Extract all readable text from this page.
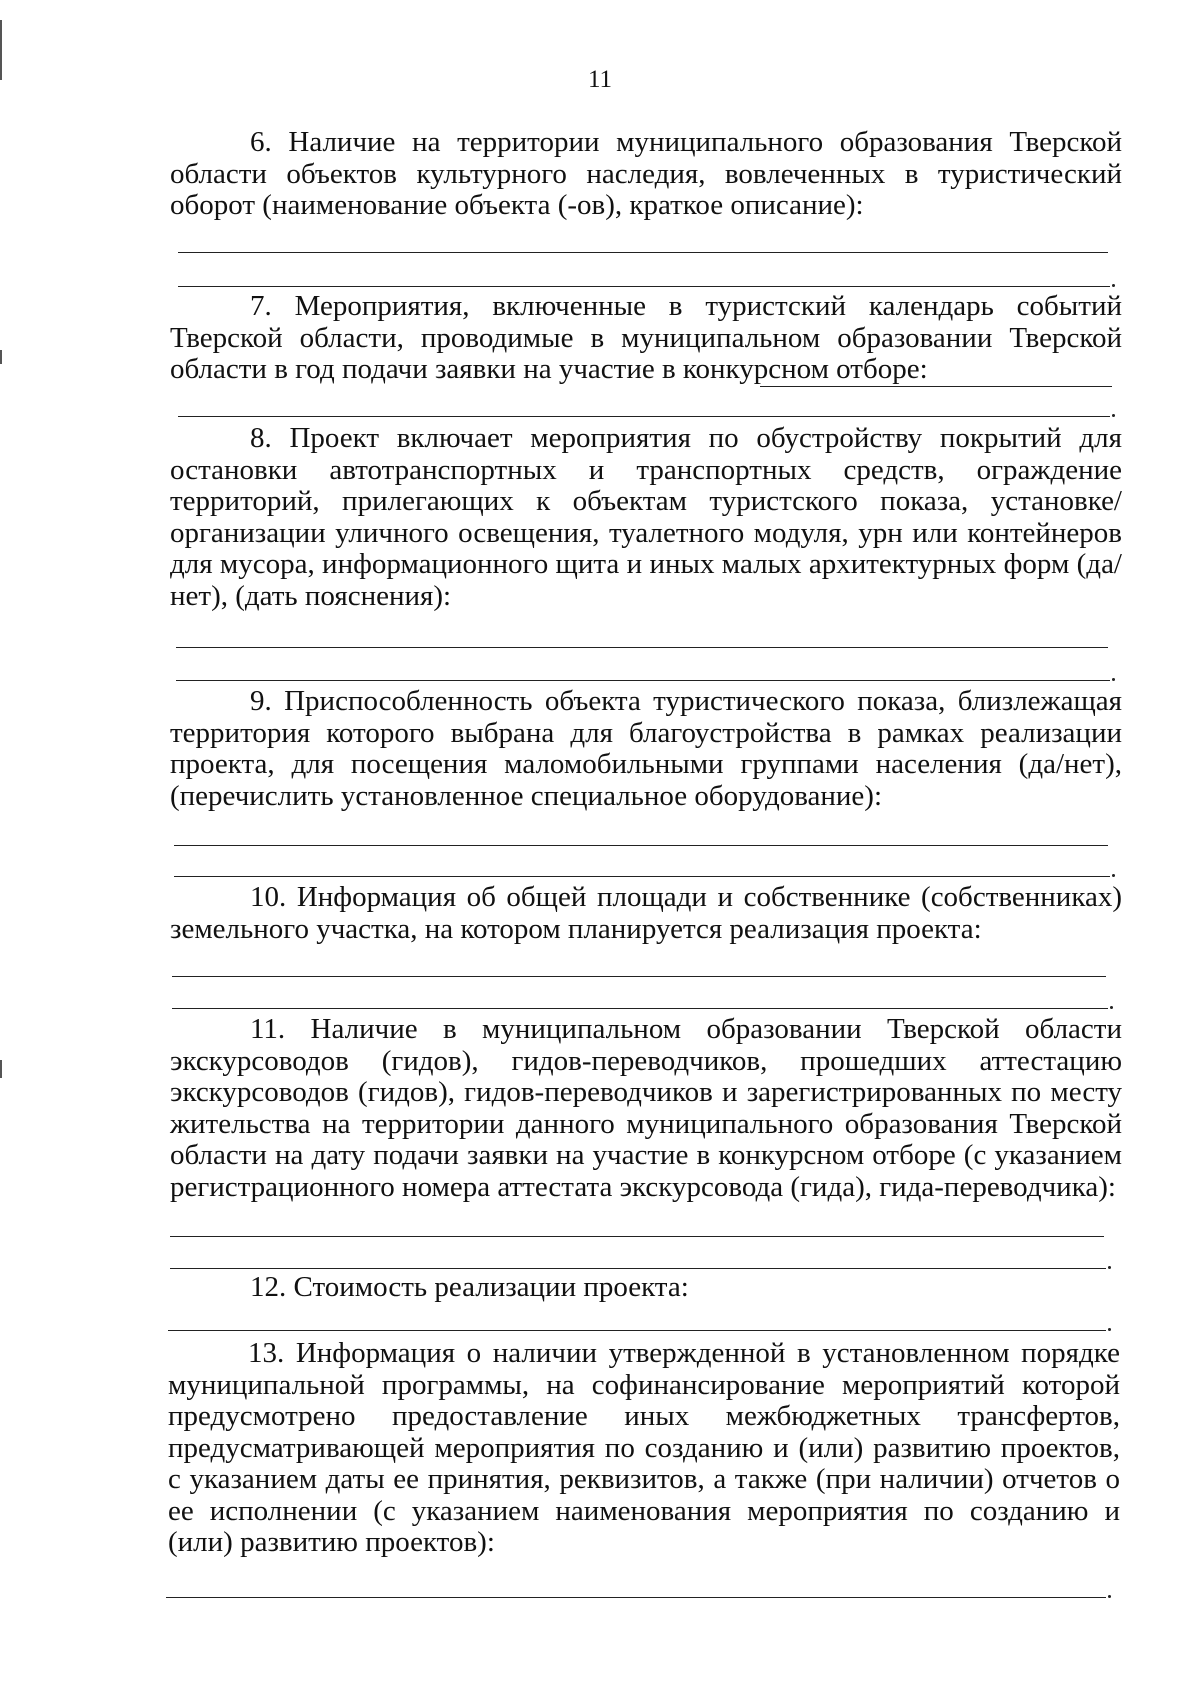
11
6. Наличие на территории муниципального образования Тверской области объектов культурного наследия, вовлеченных в туристический оборот (наименование объекта (-ов), краткое описание):
7. Мероприятия, включенные в туристский календарь событий Тверской области, проводимые в муниципальном образовании Тверской области в год подачи заявки на участие в конкурсном отборе:
8. Проект включает мероприятия по обустройству покрытий для остановки автотранспортных и транспортных средств, ограждение территорий, прилегающих к объектам туристского показа, установке/организации уличного освещения, туалетного модуля, урн или контейнеров для мусора, информационного щита и иных малых архитектурных форм (да/нет), (дать пояснения):
9. Приспособленность объекта туристического показа, близлежащая территория которого выбрана для благоустройства в рамках реализации проекта, для посещения маломобильными группами населения (да/нет), (перечислить установленное специальное оборудование):
10. Информация об общей площади и собственнике (собственниках) земельного участка, на котором планируется реализация проекта:
11. Наличие в муниципальном образовании Тверской области экскурсоводов (гидов), гидов-переводчиков, прошедших аттестацию экскурсоводов (гидов), гидов-переводчиков и зарегистрированных по месту жительства на территории данного муниципального образования Тверской области на дату подачи заявки на участие в конкурсном отборе (с указанием регистрационного номера аттестата экскурсовода (гида), гида-переводчика):
12. Стоимость реализации проекта:
13. Информация о наличии утвержденной в установленном порядке муниципальной программы, на софинансирование мероприятий которой предусмотрено предоставление иных межбюджетных трансфертов, предусматривающей мероприятия по созданию и (или) развитию проектов, с указанием даты ее принятия, реквизитов, а также (при наличии) отчетов о ее исполнении (с указанием наименования мероприятия по созданию и (или) развитию проектов):
